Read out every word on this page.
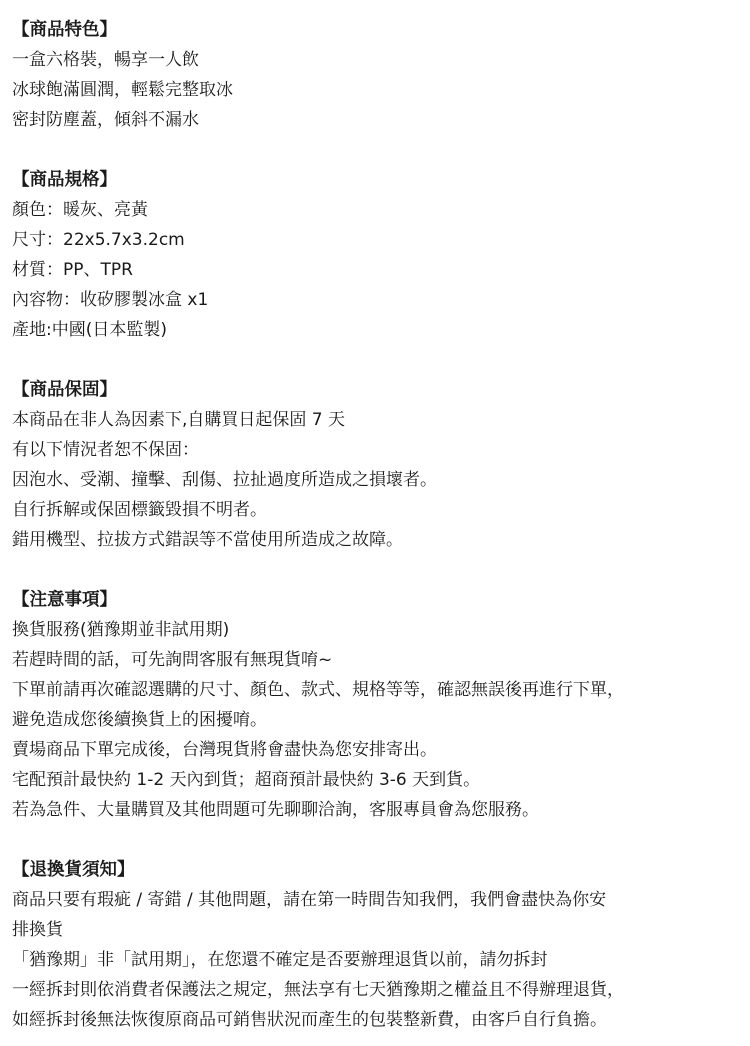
【商品特色】
一盒六格裝，暢享一人飲
冰球飽滿圓潤，輕鬆完整取冰
密封防塵蓋，傾斜不漏水
【商品規格】
顏色：暖灰、亮黃
尺寸：22x5.7x3.2cm
材質：PP、TPR
內容物：收矽膠製冰盒 x1
產地:中國(日本監製)
【商品保固】
本商品在非人為因素下,自購買日起保固 7 天
有以下情況者恕不保固：
因泡水、受潮、撞擊、刮傷、拉扯過度所造成之損壞者。
自行拆解或保固標籤毀損不明者。
錯用機型、拉拔方式錯誤等不當使用所造成之故障。
【注意事項】
換貨服務(猶豫期並非試用期)
若趕時間的話，可先詢問客服有無現貨唷~
下單前請再次確認選購的尺寸、顏色、款式、規格等等，確認無誤後再進行下單，
避免造成您後續換貨上的困擾唷。
賣場商品下單完成後，台灣現貨將會盡快為您安排寄出。
宅配預計最快約 1-2 天內到貨；超商預計最快約 3-6 天到貨。
若為急件、大量購買及其他問題可先聊聊洽詢，客服專員會為您服務。
【退換貨須知】
商品只要有瑕疵 / 寄錯 / 其他問題，請在第一時間告知我們，我們會盡快為你安
排換貨
「猶豫期」非「試用期」，在您還不確定是否要辦理退貨以前，請勿拆封
一經拆封則依消費者保護法之規定，無法享有七天猶豫期之權益且不得辦理退貨，
如經拆封後無法恢復原商品可銷售狀況而產生的包裝整新費，由客戶自行負擔。
